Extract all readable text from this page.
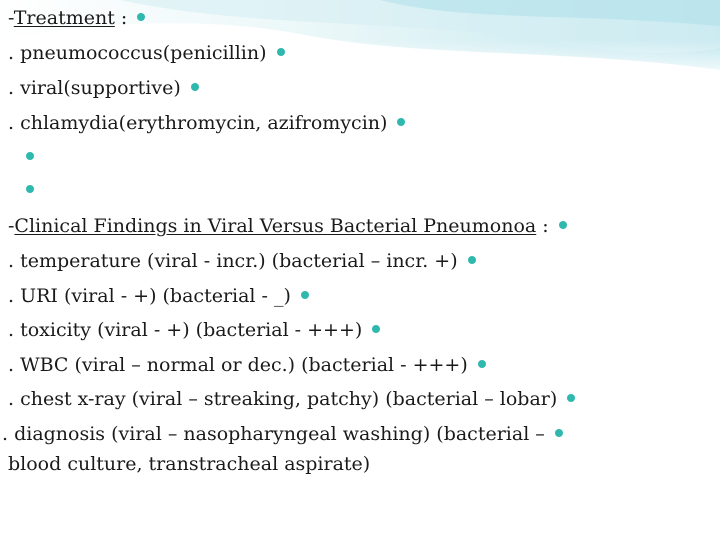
-Treatment :
. pneumococcus(penicillin)
. viral(supportive)
. chlamydia(erythromycin, azifromycin)
-Clinical Findings in Viral Versus Bacterial Pneumonoa :
. temperature (viral - incr.) (bacterial – incr. +)
. URI (viral - +) (bacterial - _)
. toxicity (viral - +) (bacterial - +++)
. WBC (viral – normal or dec.) (bacterial - +++)
. chest x-ray (viral – streaking, patchy) (bacterial – lobar)
. diagnosis (viral – nasopharyngeal washing) (bacterial –
blood culture, transtracheal aspirate)
